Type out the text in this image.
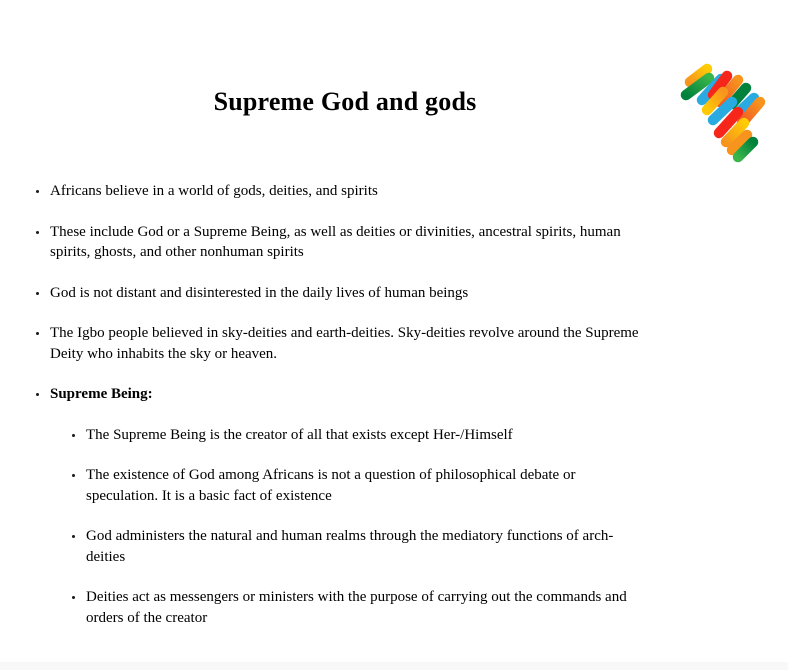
Supreme God and gods
Africans believe in a world of gods, deities, and spirits
These include God or a Supreme Being, as well as deities or divinities, ancestral spirits, human spirits, ghosts, and other nonhuman spirits
God is not distant and disinterested in the daily lives of human beings
The Igbo people believed in sky-deities and earth-deities. Sky-deities revolve around the Supreme Deity who inhabits the sky or heaven.
Supreme Being:
The Supreme Being is the creator of all that exists except Her-/Himself
The existence of God among Africans is not a question of philosophical debate or speculation. It is a basic fact of existence
God administers the natural and human realms through the mediatory functions of arch-deities
Deities act as messengers or ministers with the purpose of carrying out the commands and orders of the creator
